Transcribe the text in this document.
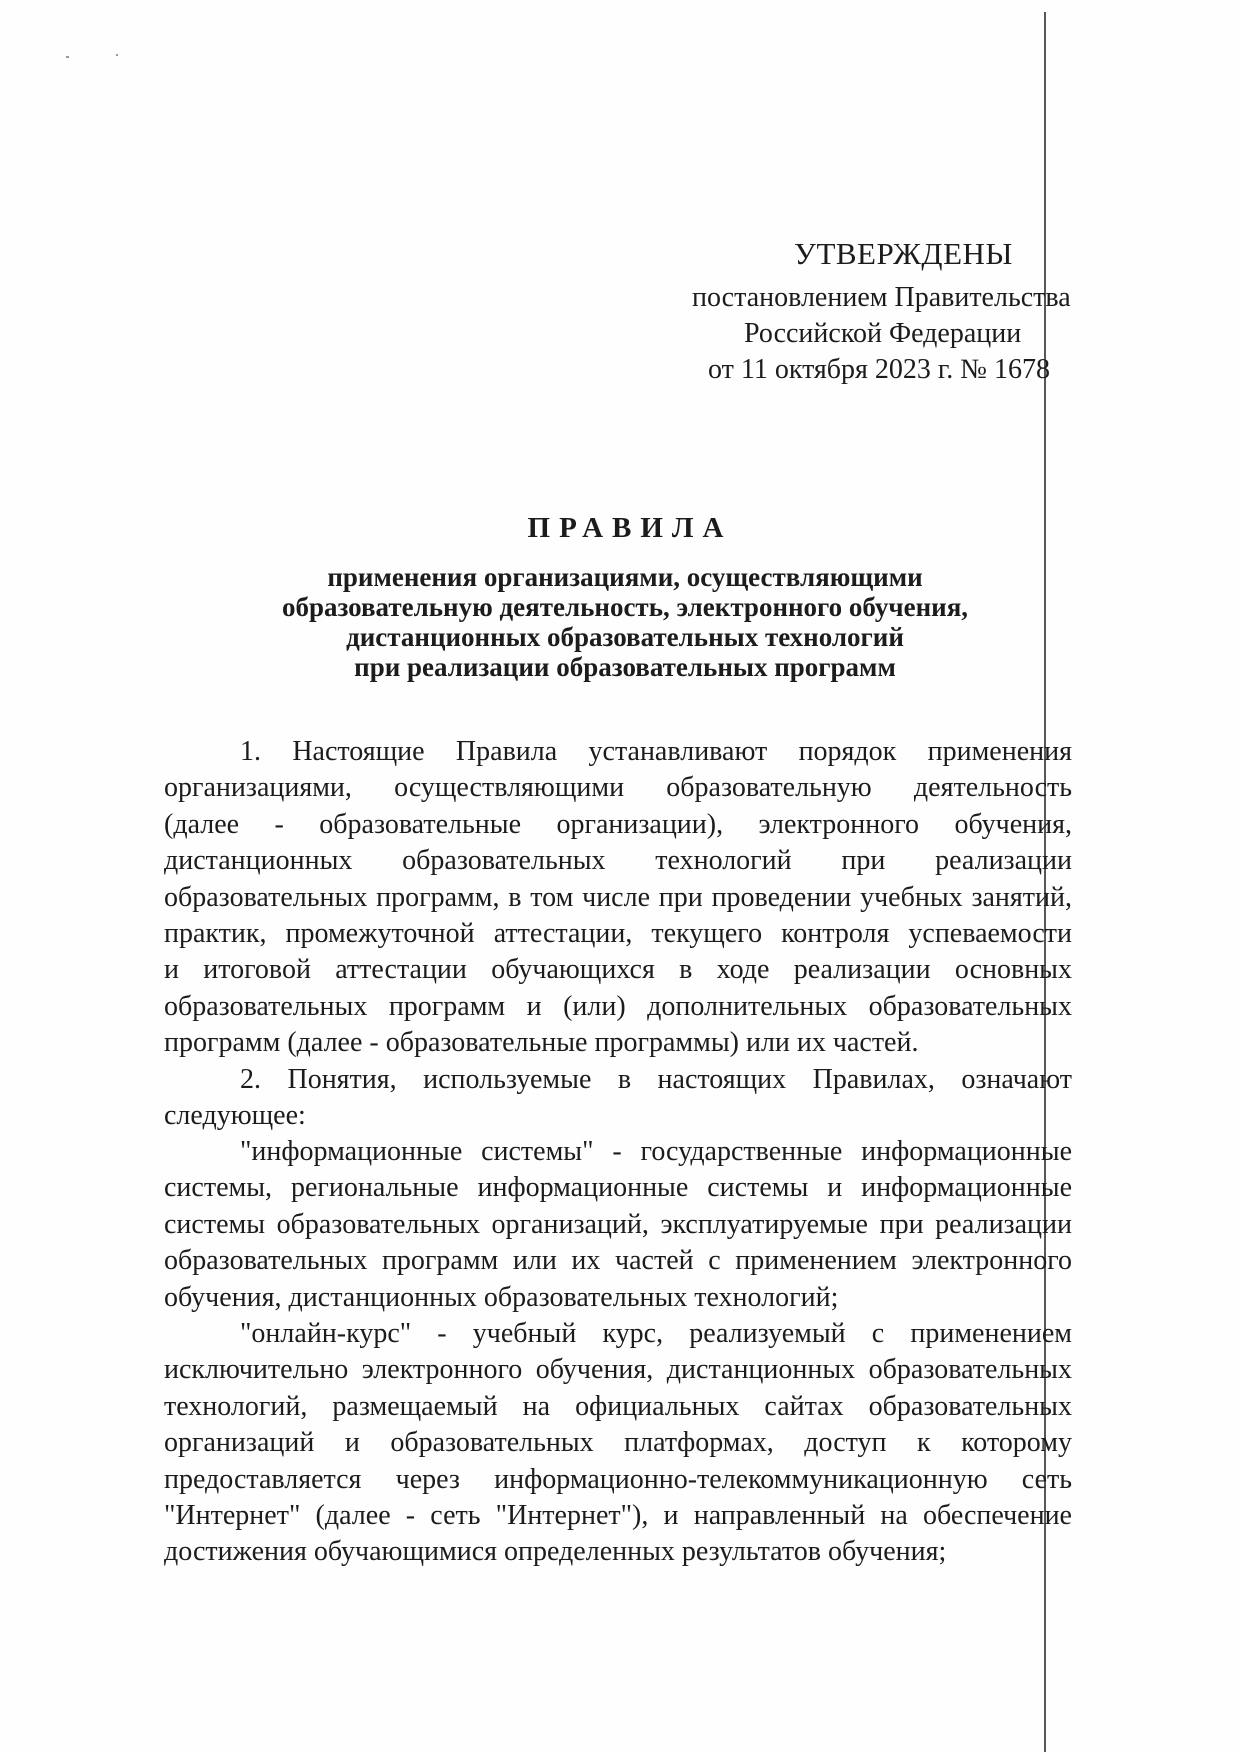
УТВЕРЖДЕНЫ
постановлением Правительства
Российской Федерации
от 11 октября 2023 г. № 1678
ПРАВИЛА
применения организациями, осуществляющими
образовательную деятельность, электронного обучения,
дистанционных образовательных технологий
при реализации образовательных программ
1. Настоящие Правила устанавливают порядок применения
организациями, осуществляющими образовательную деятельность
(далее - образовательные организации), электронного обучения,
дистанционных образовательных технологий при реализации
образовательных программ, в том числе при проведении учебных занятий,
практик, промежуточной аттестации, текущего контроля успеваемости
и итоговой аттестации обучающихся в ходе реализации основных
образовательных программ и (или) дополнительных образовательных
программ (далее - образовательные программы) или их частей.
2. Понятия, используемые в настоящих Правилах, означают
следующее:
"информационные системы" - государственные информационные
системы, региональные информационные системы и информационные
системы образовательных организаций, эксплуатируемые при реализации
образовательных программ или их частей с применением электронного
обучения, дистанционных образовательных технологий;
"онлайн-курс" - учебный курс, реализуемый с применением
исключительно электронного обучения, дистанционных образовательных
технологий, размещаемый на официальных сайтах образовательных
организаций и образовательных платформах, доступ к которому
предоставляется через информационно-телекоммуникационную сеть
"Интернет" (далее - сеть "Интернет"), и направленный на обеспечение
достижения обучающимися определенных результатов обучения;
